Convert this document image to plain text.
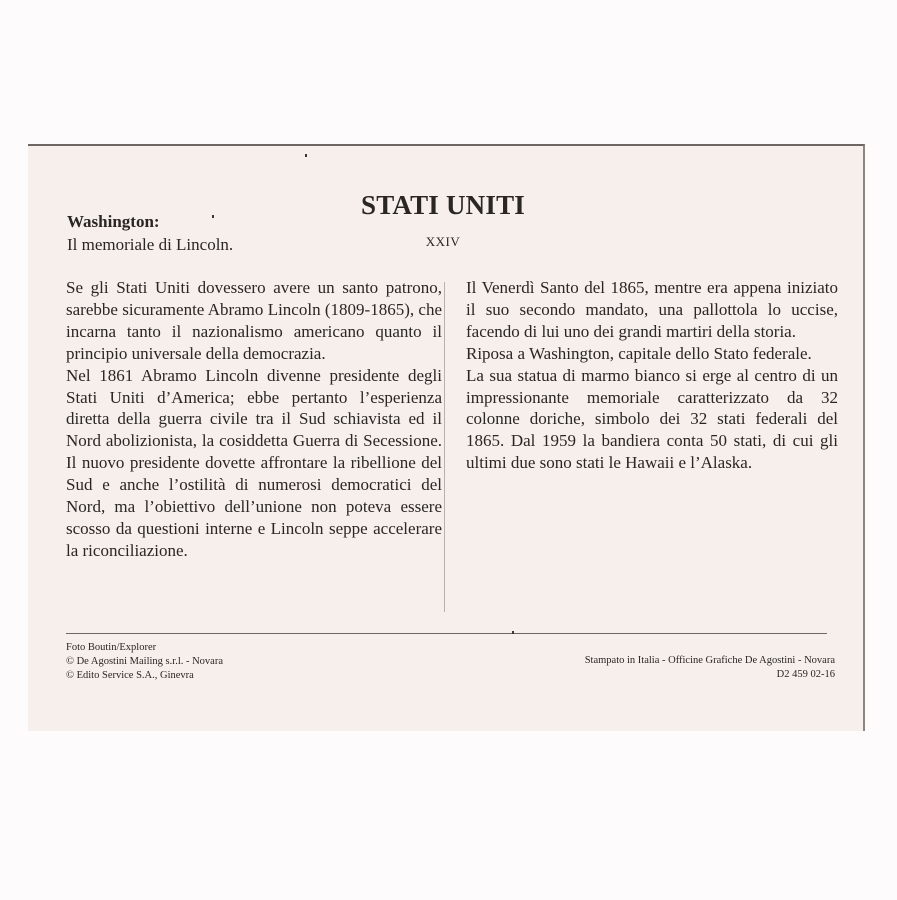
Washington:

Il memoriale di Lincoln.

STATI UNITI
XXIV

Se gli Stati Uniti dovessero avere un santo patrono, sarebbe sicuramente Abramo Lincoln (1809-1865), che incarna tanto il nazionalismo americano quanto il principio universale della democrazia.

Nel 1861 Abramo Lincoln divenne presidente degli Stati Uniti d’America; ebbe pertanto l’esperienza diretta della guerra civile tra il Sud schiavista ed il Nord abolizionista, la cosiddetta Guerra di Secessione. Il nuovo presidente dovette affrontare la ribellione del Sud e anche l’ostilità di numerosi democratici del Nord, ma l’obiettivo dell’unione non poteva essere scosso da questioni interne e Lincoln seppe accelerare la riconciliazione.

Il Venerdì Santo del 1865, mentre era appena iniziato il suo secondo mandato, una pallottola lo uccise, facendo di lui uno dei grandi martiri della storia.

Riposa a Washington, capitale dello Stato federale.

La sua statua di marmo bianco si erge al centro di un impressionante memoriale caratterizzato da 32 colonne doriche, simbolo dei 32 stati federali del 1865. Dal 1959 la bandiera conta 50 stati, di cui gli ultimi due sono stati le Hawaii e l’Alaska.

Foto Boutin/Explorer
© De Agostini Mailing s.r.l. - Novara
© Edito Service S.A., Ginevra
Stampato in Italia - Officine Grafiche De Agostini - Novara
D2 459 02-16
